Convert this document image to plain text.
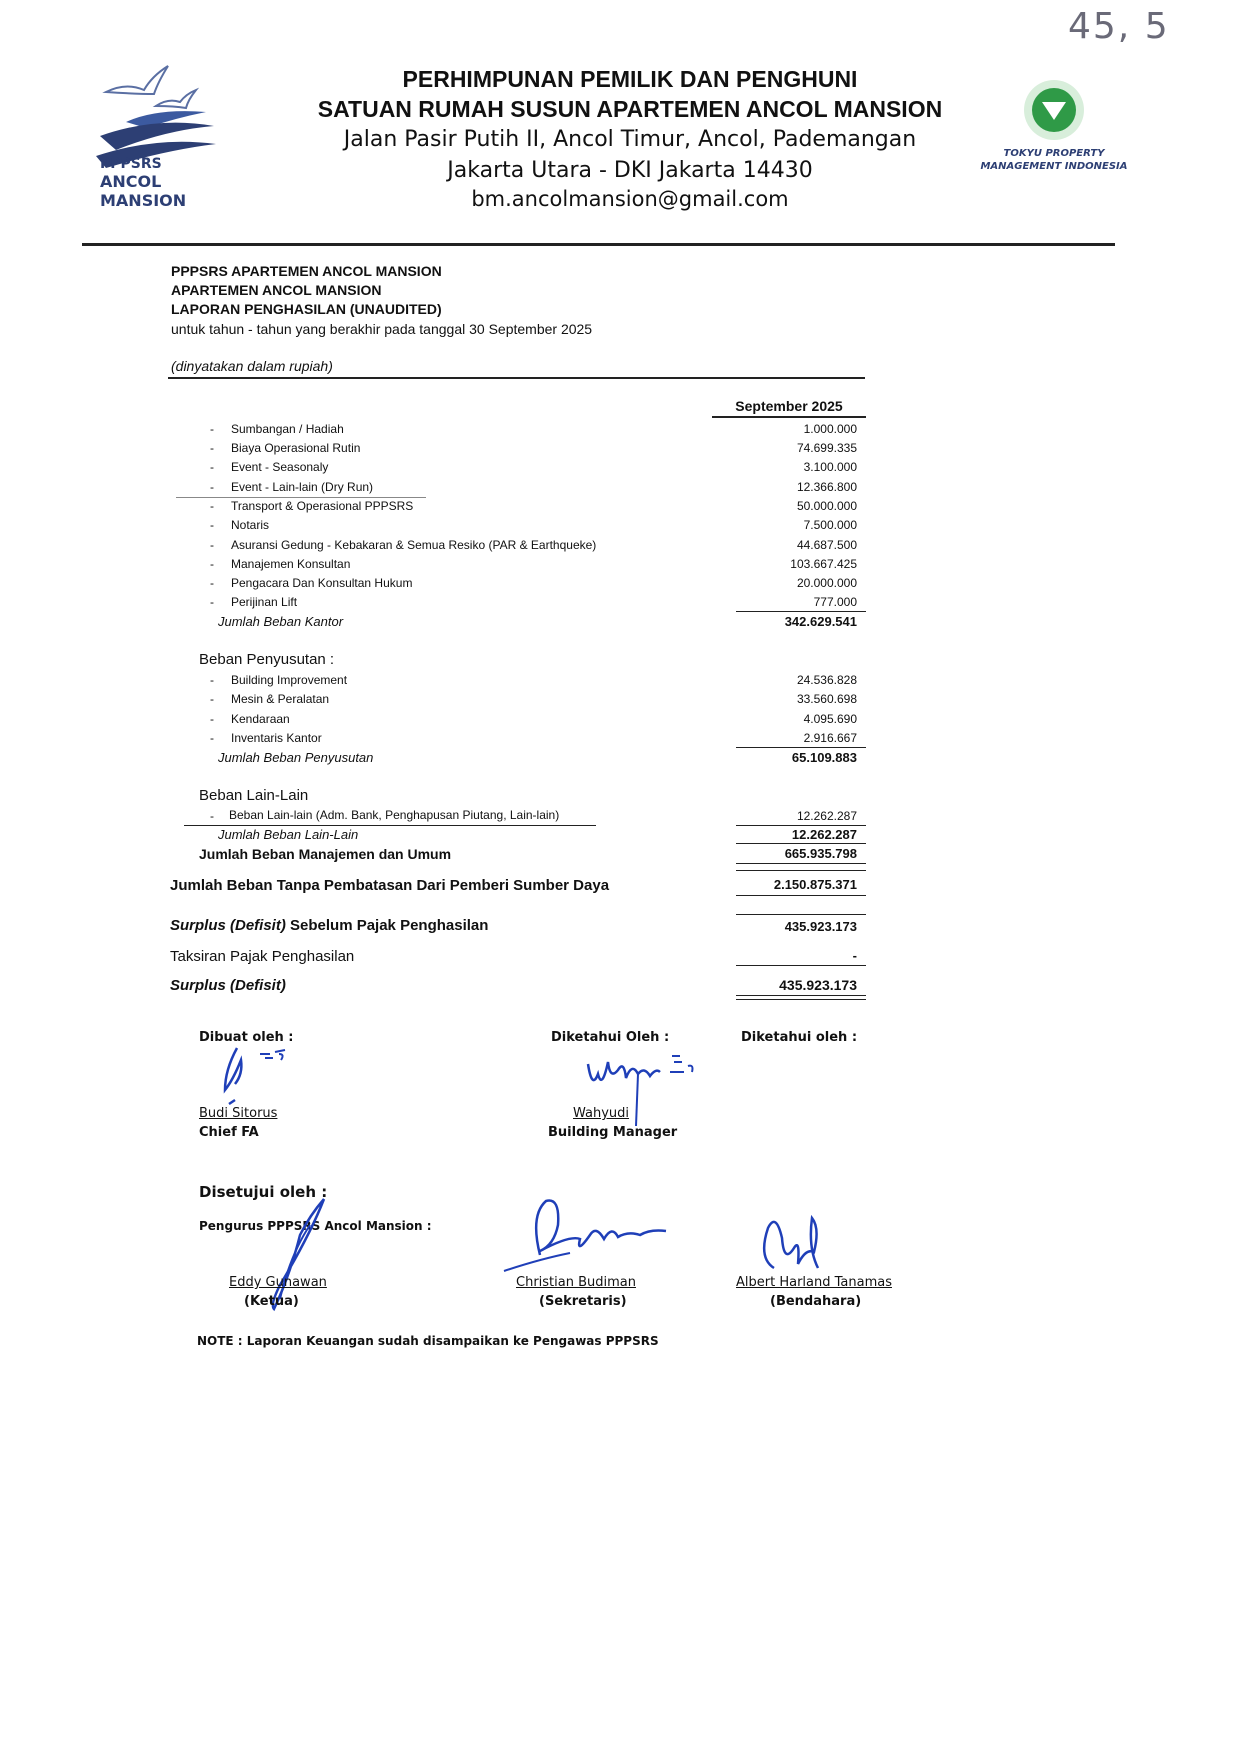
45, 5
PPPSRS
ANCOL MANSION
TOKYU PROPERTY
MANAGEMENT INDONESIA
PERHIMPUNAN PEMILIK DAN PENGHUNI
SATUAN RUMAH SUSUN APARTEMEN ANCOL MANSION
Jalan Pasir Putih II, Ancol Timur, Ancol, Pademangan
Jakarta Utara - DKI Jakarta 14430
bm.ancolmansion@gmail.com
PPPSRS APARTEMEN ANCOL MANSION
APARTEMEN ANCOL MANSION
LAPORAN PENGHASILAN (UNAUDITED)
untuk tahun - tahun yang berakhir pada tanggal 30 September 2025
(dinyatakan dalam rupiah)
September 2025
- Sumbangan / Hadiah	1.000.000
- Biaya Operasional Rutin	74.699.335
- Event - Seasonaly	3.100.000
- Event - Lain-lain (Dry Run)	12.366.800
- Transport & Operasional PPPSRS	50.000.000
- Notaris	7.500.000
- Asuransi Gedung - Kebakaran & Semua Resiko (PAR & Earthqueke)	44.687.500
- Manajemen Konsultan	103.667.425
- Pengacara Dan Konsultan Hukum	20.000.000
- Perijinan Lift	777.000
Jumlah Beban Kantor	342.629.541
Beban Penyusutan :
- Building Improvement	24.536.828
- Mesin & Peralatan	33.560.698
- Kendaraan	4.095.690
- Inventaris Kantor	2.916.667
Jumlah Beban Penyusutan	65.109.883
Beban Lain-Lain
- Beban Lain-lain (Adm. Bank, Penghapusan Piutang, Lain-lain)	12.262.287
Jumlah Beban Lain-Lain	12.262.287
Jumlah Beban Manajemen dan Umum	665.935.798
Jumlah Beban Tanpa Pembatasan Dari Pemberi Sumber Daya	2.150.875.371
Surplus (Defisit) Sebelum Pajak Penghasilan	435.923.173
Taksiran Pajak Penghasilan	-
Surplus (Defisit)	435.923.173
Dibuat oleh :	Diketahui Oleh :	Diketahui oleh :
Budi Sitorus
Chief FA
Wahyudi
Building Manager
Disetujui oleh :
Pengurus PPPSRS Ancol Mansion :
Eddy Gunawan
(Ketua)
Christian Budiman
(Sekretaris)
Albert Harland Tanamas
(Bendahara)
NOTE : Laporan Keuangan sudah disampaikan ke Pengawas PPPSRS
